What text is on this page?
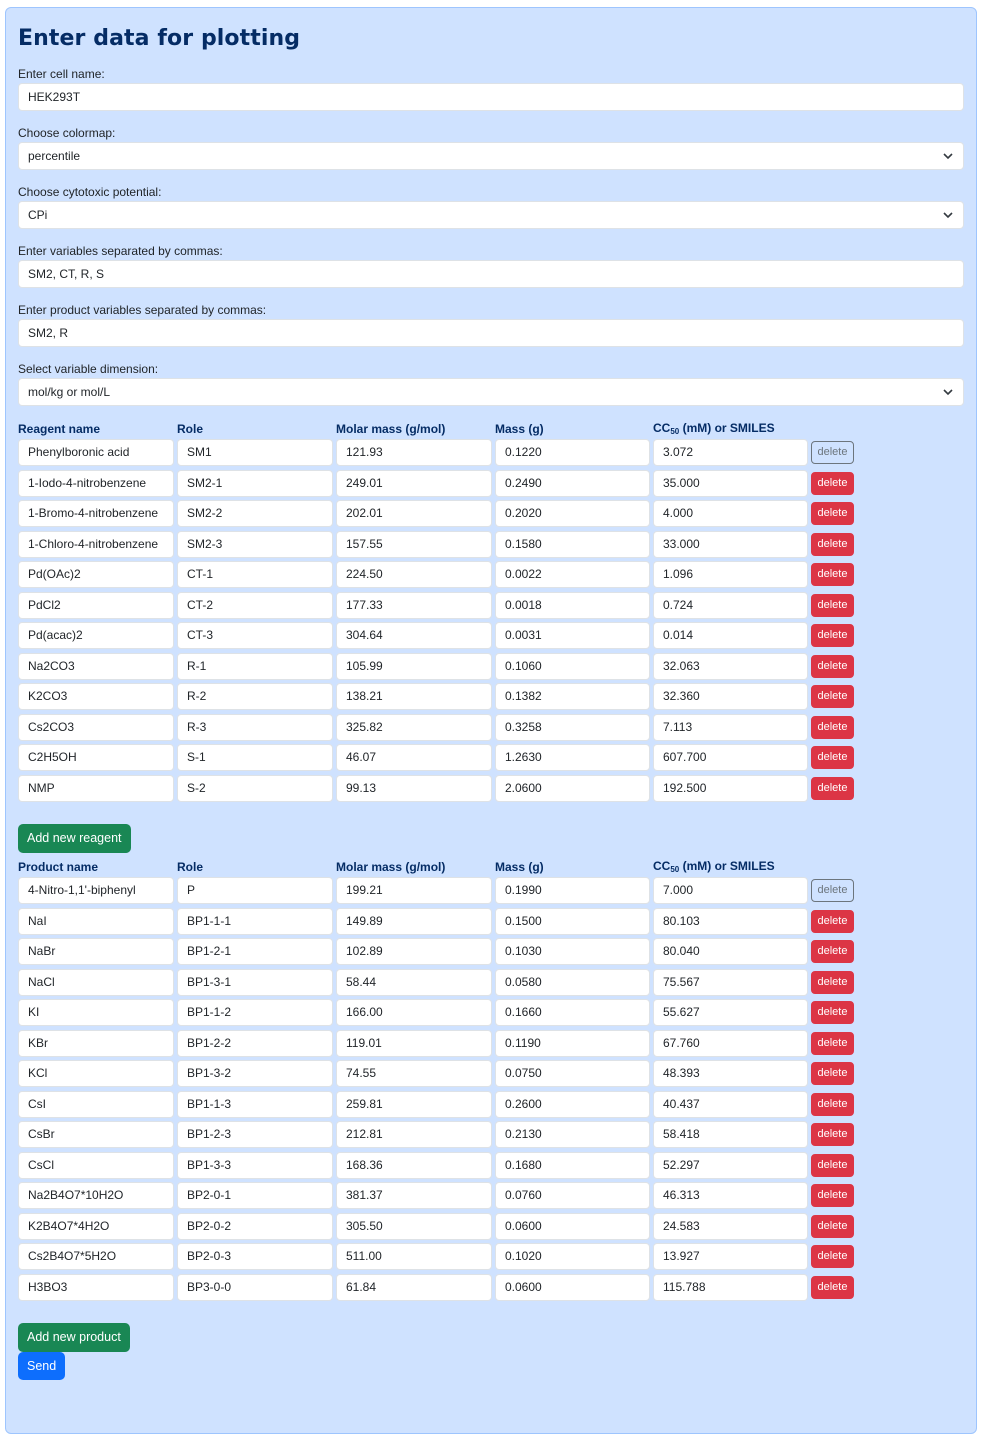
Enter data for plotting
Enter cell name:
HEK293T
Choose colormap:
percentile
Choose cytotoxic potential:
CPi
Enter variables separated by commas:
SM2, CT, R, S
Enter product variables separated by commas:
SM2, R
Select variable dimension:
mol/kg or mol/L
Reagent name	Role	Molar mass (g/mol)	Mass (g)	$CC_{50}$ (mM) or SMILES
Phenylboronic acid	SM1	121.93	0.1220	3.072	delete
1-Iodo-4-nitrobenzene	SM2-1	249.01	0.2490	35.000	delete
1-Bromo-4-nitrobenzene	SM2-2	202.01	0.2020	4.000	delete
1-Chloro-4-nitrobenzene	SM2-3	157.55	0.1580	33.000	delete
Pd(OAc)2	CT-1	224.50	0.0022	1.096	delete
PdCl2	CT-2	177.33	0.0018	0.724	delete
Pd(acac)2	CT-3	304.64	0.0031	0.014	delete
Na2CO3	R-1	105.99	0.1060	32.063	delete
K2CO3	R-2	138.21	0.1382	32.360	delete
Cs2CO3	R-3	325.82	0.3258	7.113	delete
C2H5OH	S-1	46.07	1.2630	607.700	delete
NMP	S-2	99.13	2.0600	192.500	delete
Add new reagent
Product name	Role	Molar mass (g/mol)	Mass (g)	$CC_{50}$ (mM) or SMILES
4-Nitro-1,1'-biphenyl	P	199.21	0.1990	7.000	delete
NaI	BP1-1-1	149.89	0.1500	80.103	delete
NaBr	BP1-2-1	102.89	0.1030	80.040	delete
NaCl	BP1-3-1	58.44	0.0580	75.567	delete
KI	BP1-1-2	166.00	0.1660	55.627	delete
KBr	BP1-2-2	119.01	0.1190	67.760	delete
KCl	BP1-3-2	74.55	0.0750	48.393	delete
CsI	BP1-1-3	259.81	0.2600	40.437	delete
CsBr	BP1-2-3	212.81	0.2130	58.418	delete
CsCl	BP1-3-3	168.36	0.1680	52.297	delete
Na2B4O7*10H2O	BP2-0-1	381.37	0.0760	46.313	delete
K2B4O7*4H2O	BP2-0-2	305.50	0.0600	24.583	delete
Cs2B4O7*5H2O	BP2-0-3	511.00	0.1020	13.927	delete
H3BO3	BP3-0-0	61.84	0.0600	115.788	delete
Add new product
Send
